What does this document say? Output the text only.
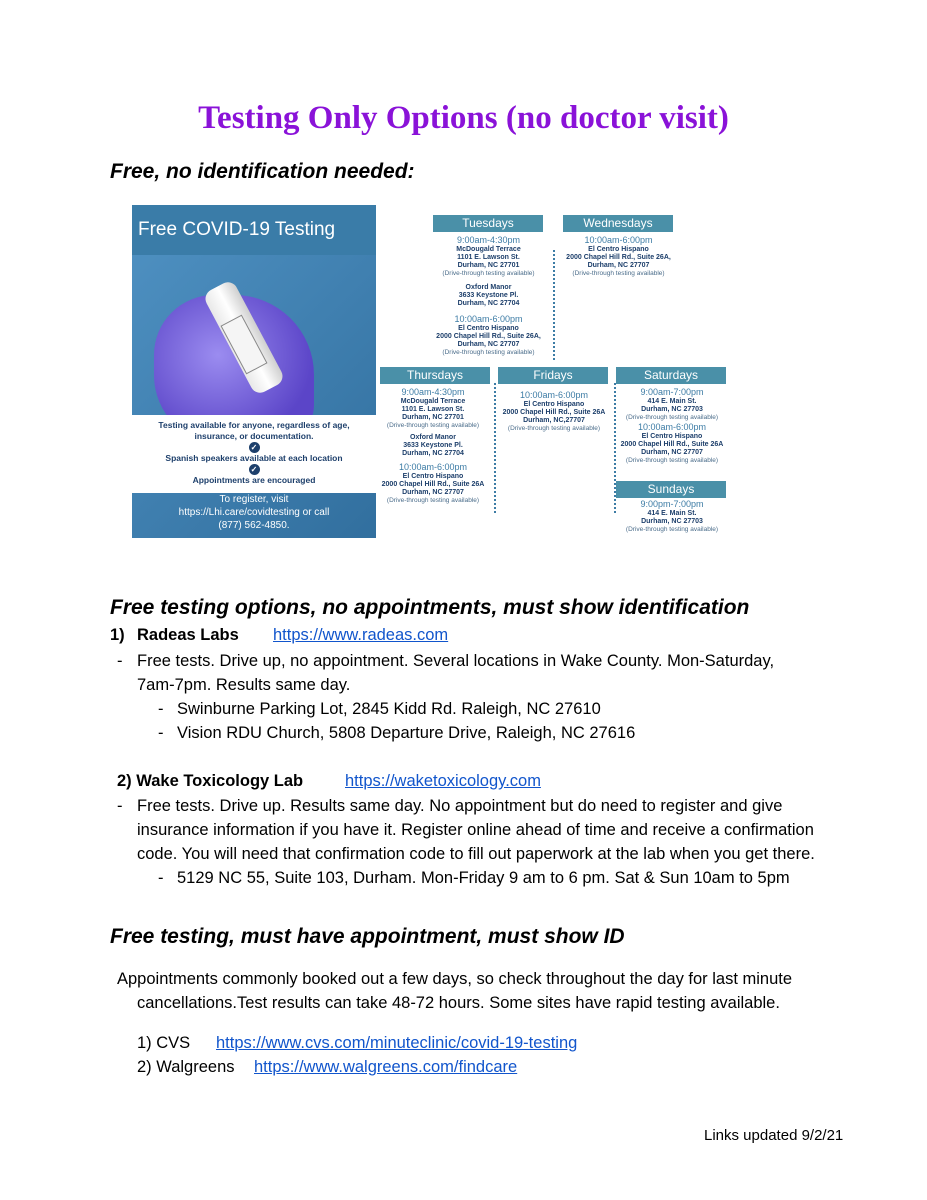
Testing Only Options (no doctor visit)
Free, no identification needed:
Free COVID-19 Testing
Testing available for anyone, regardless of age,
insurance, or documentation.
✓
Spanish speakers available at each location
✓
Appointments are encouraged
To register, visit
https://Lhi.care/covidtesting or call
(877) 562-4850.
Tuesdays
9:00am-4:30pm
McDougald Terrace
1101 E. Lawson St.
Durham, NC 27701
(Drive-through testing available)
Oxford Manor
3633 Keystone Pl.
Durham, NC 27704
10:00am-6:00pm
El Centro Hispano
2000 Chapel Hill Rd., Suite 26A,
Durham, NC 27707
(Drive-through testing available)
Wednesdays
10:00am-6:00pm
El Centro Hispano
2000 Chapel Hill Rd., Suite 26A,
Durham, NC 27707
(Drive-through testing available)
Thursdays
9:00am-4:30pm
McDougald Terrace
1101 E. Lawson St.
Durham, NC 27701
(Drive-through testing available)
Oxford Manor
3633 Keystone Pl.
Durham, NC 27704
10:00am-6:00pm
El Centro Hispano
2000 Chapel Hill Rd., Suite 26A
Durham, NC 27707
(Drive-through testing available)
Fridays
10:00am-6:00pm
El Centro Hispano
2000 Chapel Hill Rd., Suite 26A
Durham, NC,27707
(Drive-through testing available)
Saturdays
9:00am-7:00pm
414 E. Main St.
Durham, NC 27703
(Drive-through testing available)
10:00am-6:00pm
El Centro Hispano
2000 Chapel Hill Rd., Suite 26A
Durham, NC 27707
(Drive-through testing available)
Sundays
9:00pm-7:00pm
414 E. Main St.
Durham, NC 27703
(Drive-through testing available)
Free testing options, no appointments, must show identification
1) Radeas Labs https://www.radeas.com
- Free tests. Drive up, no appointment. Several locations in Wake County. Mon-Saturday,
7am-7pm. Results same day.
- Swinburne Parking Lot, 2845 Kidd Rd. Raleigh, NC 27610
- Vision RDU Church, 5808 Departure Drive, Raleigh, NC 27616
2) Wake Toxicology Lab	https://waketoxicology.com
- Free tests. Drive up. Results same day. No appointment but do need to register and give
insurance information if you have it. Register online ahead of time and receive a confirmation
code. You will need that confirmation code to fill out paperwork at the lab when you get there.
- 5129 NC 55, Suite 103, Durham. Mon-Friday 9 am to 6 pm. Sat & Sun 10am to 5pm
Free testing, must have appointment, must show ID
Appointments commonly booked out a few days, so check throughout the day for last minute
cancellations.Test results can take 48-72 hours. Some sites have rapid testing available.
1) CVS https://www.cvs.com/minuteclinic/covid-19-testing
2) Walgreens https://www.walgreens.com/findcare
Links updated 9/2/21
